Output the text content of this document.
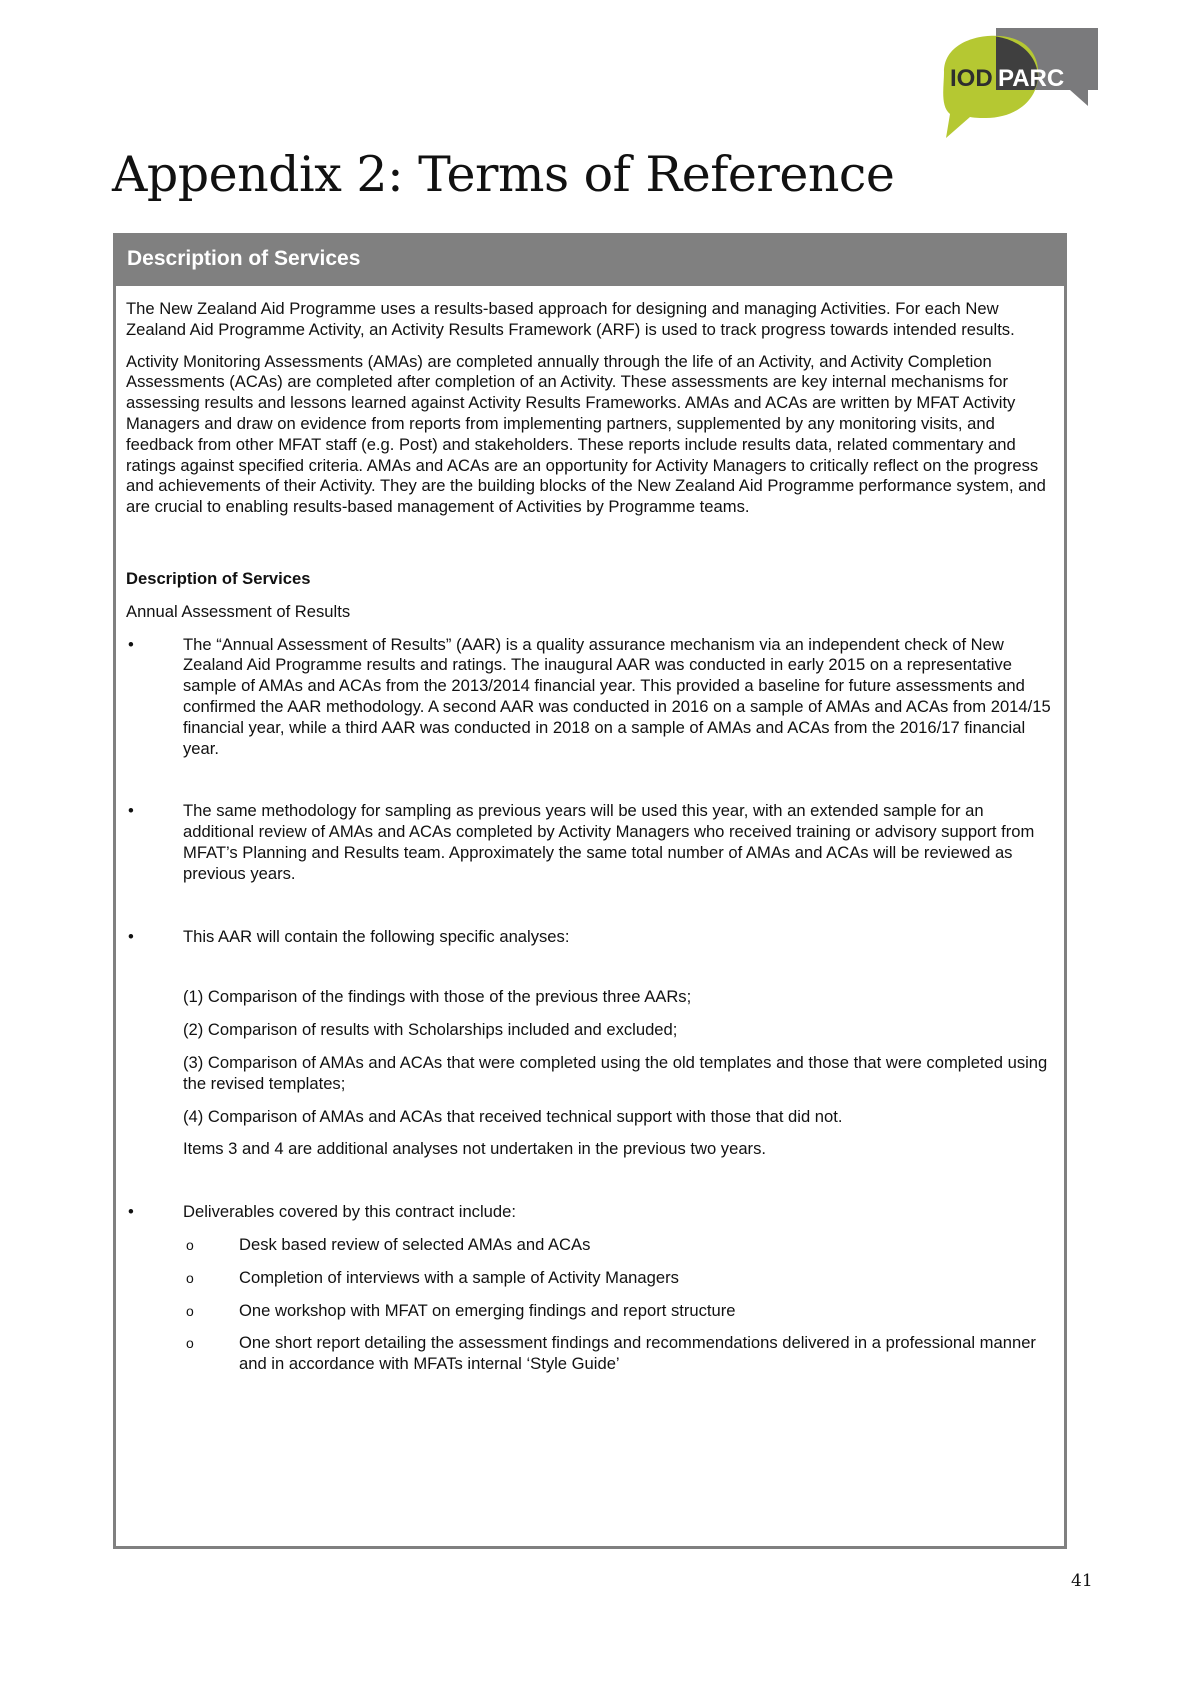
IOD PARC
Appendix 2: Terms of Reference
Description of Services

The New Zealand Aid Programme uses a results-based approach for designing and managing Activities. For each New Zealand Aid Programme Activity, an Activity Results Framework (ARF) is used to track progress towards intended results.

Activity Monitoring Assessments (AMAs) are completed annually through the life of an Activity, and Activity Completion Assessments (ACAs) are completed after completion of an Activity. These assessments are key internal mechanisms for assessing results and lessons learned against Activity Results Frameworks. AMAs and ACAs are written by MFAT Activity Managers and draw on evidence from reports from implementing partners, supplemented by any monitoring visits, and feedback from other MFAT staff (e.g. Post) and stakeholders. These reports include results data, related commentary and ratings against specified criteria. AMAs and ACAs are an opportunity for Activity Managers to critically reflect on the progress and achievements of their Activity. They are the building blocks of the New Zealand Aid Programme performance system, and are crucial to enabling results-based management of Activities by Programme teams.

Description of Services

Annual Assessment of Results

•	The “Annual Assessment of Results” (AAR) is a quality assurance mechanism via an independent check of New Zealand Aid Programme results and ratings. The inaugural AAR was conducted in early 2015 on a representative sample of AMAs and ACAs from the 2013/2014 financial year. This provided a baseline for future assessments and confirmed the AAR methodology. A second AAR was conducted in 2016 on a sample of AMAs and ACAs from 2014/15 financial year, while a third AAR was conducted in 2018 on a sample of AMAs and ACAs from the 2016/17 financial year.
•	The same methodology for sampling as previous years will be used this year, with an extended sample for an additional review of AMAs and ACAs completed by Activity Managers who received training or advisory support from MFAT’s Planning and Results team. Approximately the same total number of AMAs and ACAs will be reviewed as previous years.
•	This AAR will contain the following specific analyses:

(1) Comparison of the findings with those of the previous three AARs;

(2) Comparison of results with Scholarships included and excluded;

(3) Comparison of AMAs and ACAs that were completed using the old templates and those that were completed using the revised templates;

(4) Comparison of AMAs and ACAs that received technical support with those that did not.

Items 3 and 4 are additional analyses not undertaken in the previous two years.

•	Deliverables covered by this contract include:
o	Desk based review of selected AMAs and ACAs
o	Completion of interviews with a sample of Activity Managers
o	One workshop with MFAT on emerging findings and report structure
o	One short report detailing the assessment findings and recommendations delivered in a professional manner and in accordance with MFATs internal ‘Style Guide’
41
